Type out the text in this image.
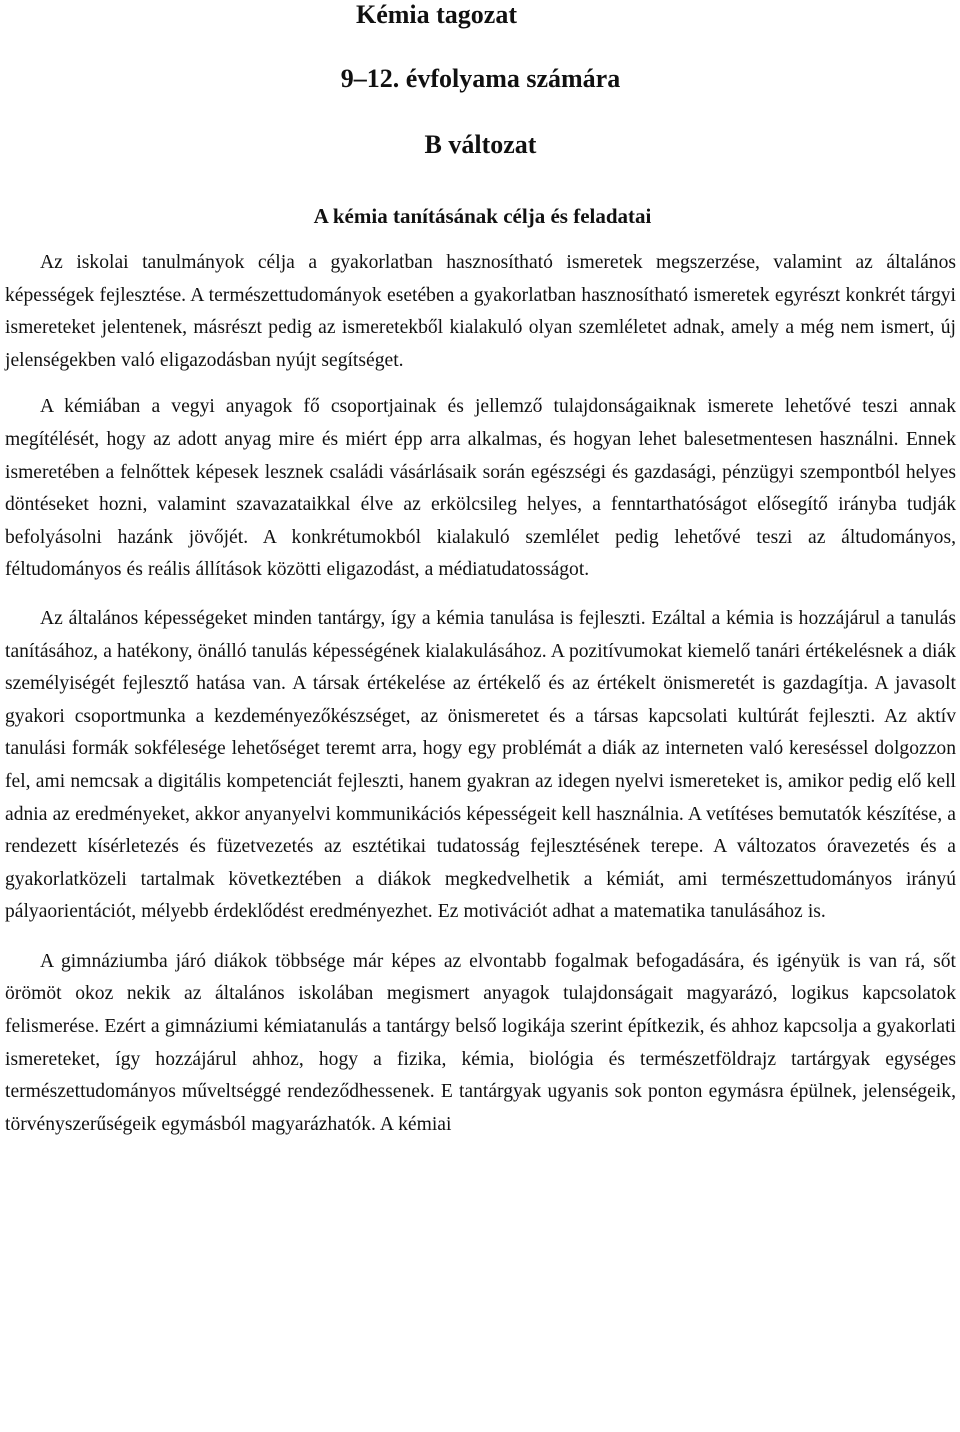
Kémia tagozat
9–12. évfolyama számára
B változat
A kémia tanításának célja és feladatai

Az iskolai tanulmányok célja a gyakorlatban hasznosítható ismeretek megszerzése, valamint az általános képességek fejlesztése. A természettudományok esetében a gyakorlatban hasznosítható ismeretek egyrészt konkrét tárgyi ismereteket jelentenek, másrészt pedig az ismeretekből kialakuló olyan szemléletet adnak, amely a még nem ismert, új jelenségekben való eligazodásban nyújt segítséget.

A kémiában a vegyi anyagok fő csoportjainak és jellemző tulajdonságaiknak ismerete lehetővé teszi annak megítélését, hogy az adott anyag mire és miért épp arra alkalmas, és hogyan lehet balesetmentesen használni. Ennek ismeretében a felnőttek képesek lesznek családi vásárlásaik során egészségi és gazdasági, pénzügyi szempontból helyes döntéseket hozni, valamint szavazataikkal élve az erkölcsileg helyes, a fenntarthatóságot elősegítő irányba tudják befolyásolni hazánk jövőjét. A konkrétumokból kialakuló szemlélet pedig lehetővé teszi az áltudományos, féltudományos és reális állítások közötti eligazodást, a médiatudatosságot.

Az általános képességeket minden tantárgy, így a kémia tanulása is fejleszti. Ezáltal a kémia is hozzájárul a tanulás tanításához, a hatékony, önálló tanulás képességének kialakulásához. A pozitívumokat kiemelő tanári értékelésnek a diák személyiségét fejlesztő hatása van. A társak értékelése az értékelő és az értékelt önismeretét is gazdagítja. A javasolt gyakori csoportmunka a kezdeményezőkészséget, az önismeretet és a társas kapcsolati kultúrát fejleszti. Az aktív tanulási formák sokfélesége lehetőséget teremt arra, hogy egy problémát a diák az interneten való kereséssel dolgozzon fel, ami nemcsak a digitális kompetenciát fejleszti, hanem gyakran az idegen nyelvi ismereteket is, amikor pedig elő kell adnia az eredményeket, akkor anyanyelvi kommunikációs képességeit kell használnia. A vetítéses bemutatók készítése, a rendezett kísérletezés és füzetvezetés az esztétikai tudatosság fejlesztésének terepe. A változatos óravezetés és a gyakorlatközeli tartalmak következtében a diákok megkedvelhetik a kémiát, ami természettudományos irányú pályaorientációt, mélyebb érdeklődést eredményezhet. Ez motivációt adhat a matematika tanulásához is.

A gimnáziumba járó diákok többsége már képes az elvontabb fogalmak befogadására, és igényük is van rá, sőt örömöt okoz nekik az általános iskolában megismert anyagok tulajdonságait magyarázó, logikus kapcsolatok felismerése. Ezért a gimnáziumi kémiatanulás a tantárgy belső logikája szerint építkezik, és ahhoz kapcsolja a gyakorlati ismereteket, így hozzájárul ahhoz, hogy a fizika, kémia, biológia és természetföldrajz tartárgyak egységes természettudományos műveltséggé rendeződhessenek. E tantárgyak ugyanis sok ponton egymásra épülnek, jelenségeik, törvényszerűségeik egymásból magyarázhatók. A kémiai
